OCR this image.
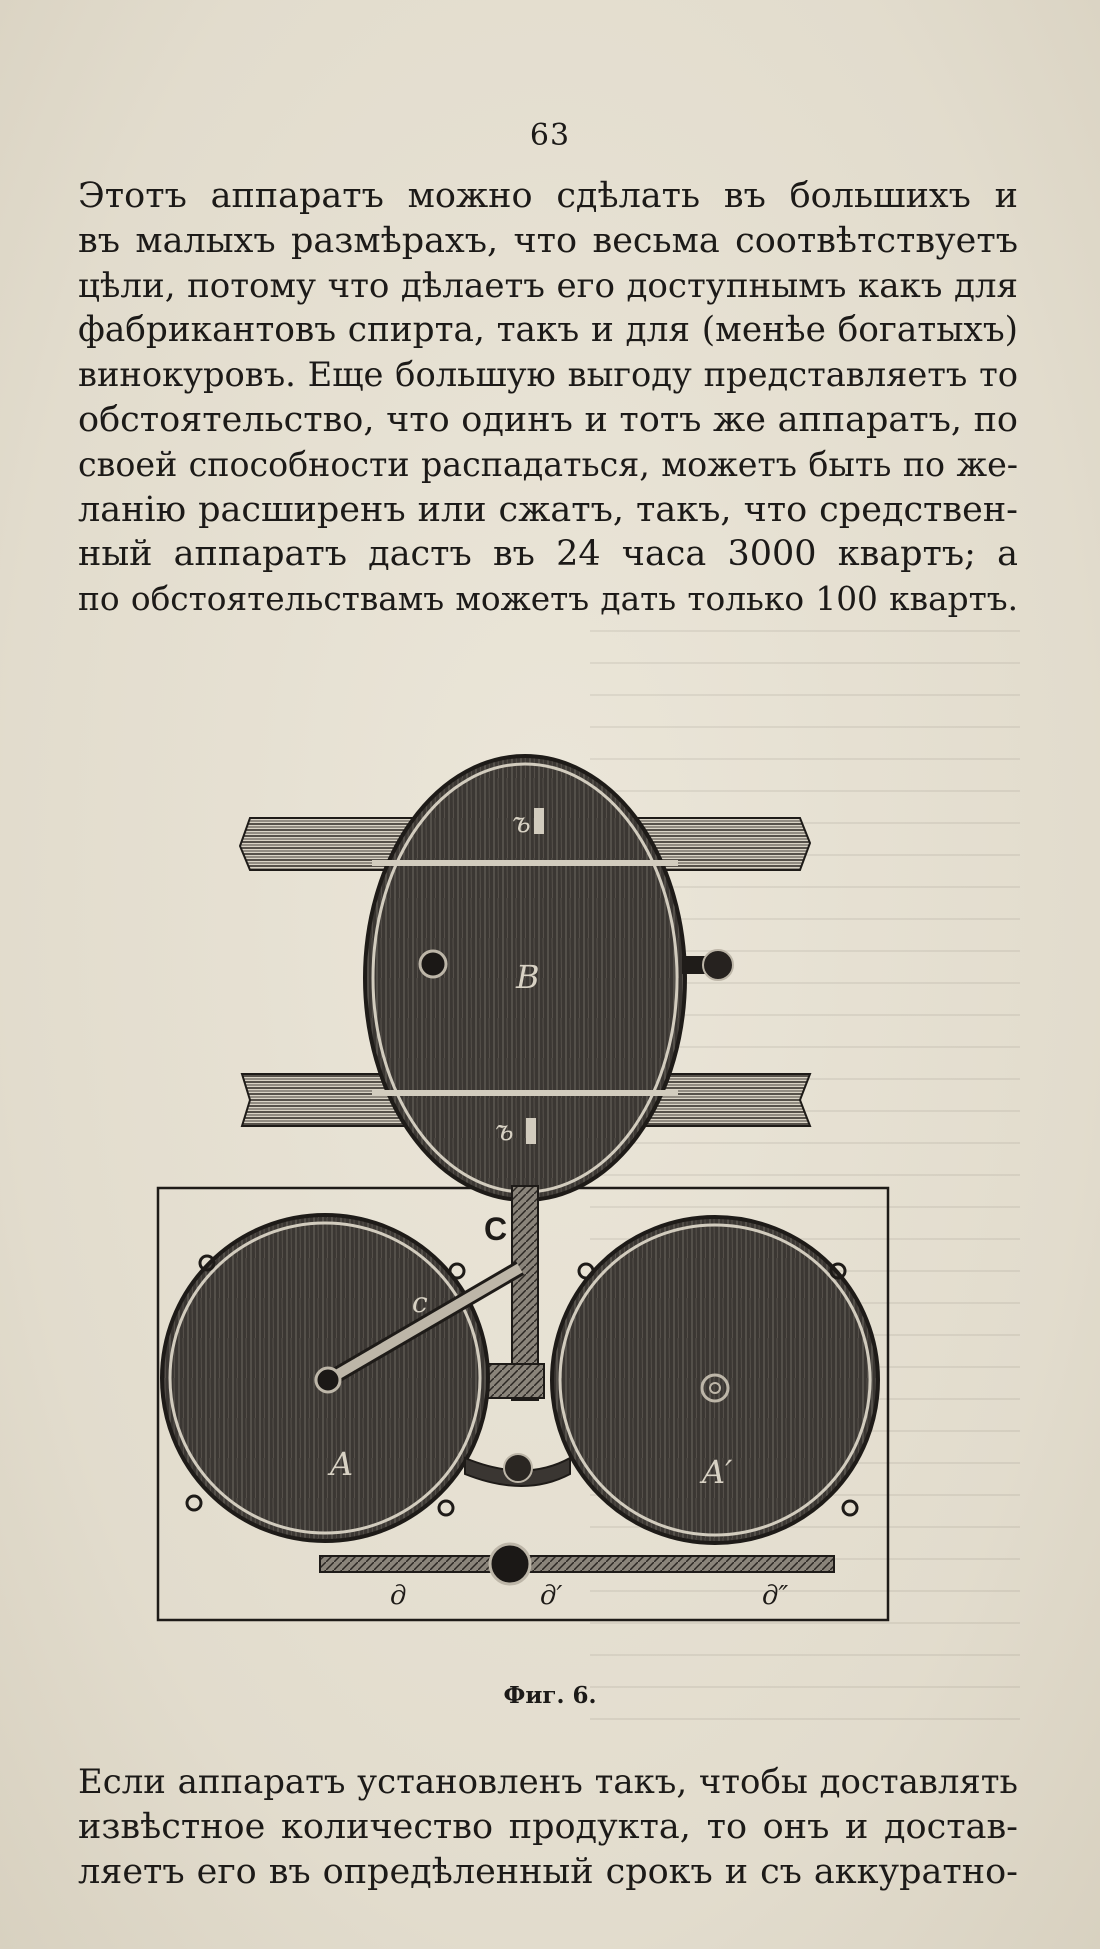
63
Этотъ аппаратъ можно сдѣлать въ большихъ и
въ малыхъ размѣрахъ, что весьма соотвѣтствуетъ
цѣли, потому что дѣлаетъ его доступнымъ какъ для
фабрикантовъ спирта, такъ и для (менѣе богатыхъ)
винокуровъ. Еще большую выгоду представляетъ то
обстоятельство, что одинъ и тотъ же аппаратъ, по
своей способности распадаться, можетъ быть по же-
ланію расширенъ или сжатъ, такъ, что средствен-
ный аппаратъ дастъ въ 24 часа 3000 квартъ; а
по обстоятельствамъ можетъ дать только 100 квартъ.
ъ
B
ъ
C
c
A	A′
д	д′	д″
Фиг. 6.
Если аппаратъ установленъ такъ, чтобы доставлять
извѣстное количество продукта, то онъ и достав-
ляетъ его въ опредѣленный срокъ и съ аккуратно-
